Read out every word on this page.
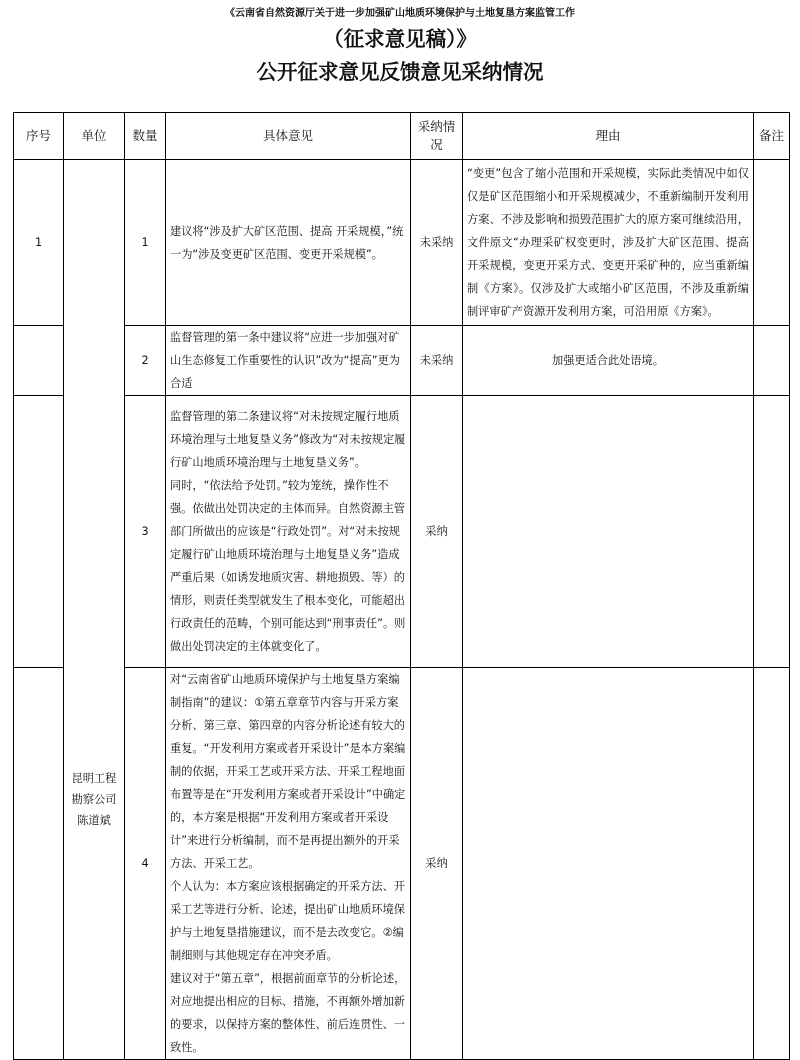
《云南省自然资源厅关于进一步加强矿山地质环境保护与土地复垦方案监管工作
（征求意见稿）》
公开征求意见反馈意见采纳情况
序号	单位	数量	具体意见	采纳情况	理由	备注
1	昆明工程勘察公司陈道斌	1	建议将“涉及扩大矿区范围、提高 开采规模，”统一为“涉及变更矿区范围、变更开采规模”。	未采纳	“变更”包含了缩小范围和开采规模，实际此类情况中如仅仅是矿区范围缩小和开采规模减少，不重新编制开发利用方案、不涉及影响和损毁范围扩大的原方案可继续沿用，文件原文“办理采矿权变更时，涉及扩大矿区范围、提高开采规模，变更开采方式、变更开采矿种的，应当重新编制《方案》。仅涉及扩大或缩小矿区范围，不涉及重新编制评审矿产资源开发利用方案，可沿用原《方案》。	
		2	监督管理的第一条中建议将“应进一步加强对矿山生态修复工作重要性的认识”改为“提高”更为合适	未采纳	加强更适合此处语境。	
		3	监督管理的第二条建议将“对未按规定履行地质环境治理与土地复垦义务”修改为“对未按规定履行矿山地质环境治理与土地复垦义务”。

同时，“依法给予处罚。”较为笼统，操作性不强。依做出处罚决定的主体而异。自然资源主管部门所做出的应该是“行政处罚”。对“对未按规定履行矿山地质环境治理与土地复垦义务”造成严重后果（如诱发地质灾害、耕地损毁、等）的情形，则责任类型就发生了根本变化，可能超出行政责任的范畴，个别可能达到“刑事责任”。则做出处罚决定的主体就变化了。	采纳		
		4	对“云南省矿山地质环境保护与土地复垦方案编制指南”的建议：①第五章章节内容与开采方案分析、第三章、第四章的内容分析论述有较大的重复。“开发利用方案或者开采设计”是本方案编制的依据，开采工艺或开采方法、开采工程地面布置等是在“开发利用方案或者开采设计”中确定的，本方案是根据“开发利用方案或者开采设计”来进行分析编制，而不是再提出额外的开采方法、开采工艺。

个人认为：本方案应该根据确定的开采方法、开采工艺等进行分析、论述，提出矿山地质环境保护与土地复垦措施建议，而不是去改变它。②编制细则与其他规定存在冲突矛盾。

建议对于“第五章”，根据前面章节的分析论述，对应地提出相应的目标、措施，不再额外增加新的要求，以保持方案的整体性、前后连贯性、一致性。	采纳		
